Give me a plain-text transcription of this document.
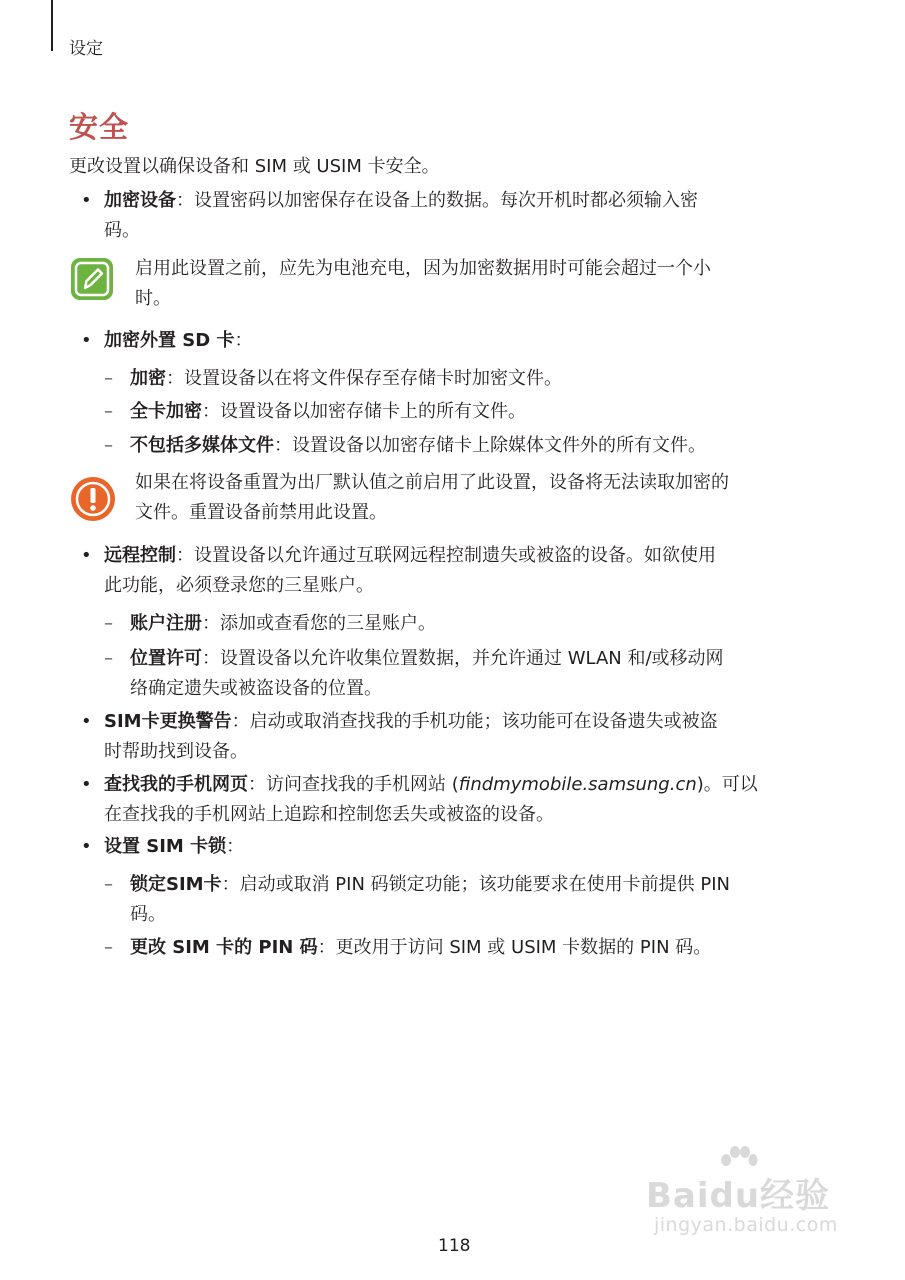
设定
安全
更改设置以确保设备和 SIM 或 USIM 卡安全。
• 加密设备：设置密码以加密保存在设备上的数据。每次开机时都必须输入密
码。
启用此设置之前，应先为电池充电，因为加密数据用时可能会超过一个小
时。
• 加密外置 SD 卡：
– 加密：设置设备以在将文件保存至存储卡时加密文件。
– 全卡加密：设置设备以加密存储卡上的所有文件。
– 不包括多媒体文件：设置设备以加密存储卡上除媒体文件外的所有文件。
如果在将设备重置为出厂默认值之前启用了此设置，设备将无法读取加密的
文件。重置设备前禁用此设置。
• 远程控制：设置设备以允许通过互联网远程控制遗失或被盗的设备。如欲使用
此功能，必须登录您的三星账户。
– 账户注册：添加或查看您的三星账户。
– 位置许可：设置设备以允许收集位置数据，并允许通过 WLAN 和/或移动网
络确定遗失或被盗设备的位置。
• SIM卡更换警告：启动或取消查找我的手机功能；该功能可在设备遗失或被盗
时帮助找到设备。
• 查找我的手机网页：访问查找我的手机网站 (findmymobile.samsung.cn)。可以
在查找我的手机网站上追踪和控制您丢失或被盗的设备。
• 设置 SIM 卡锁：
– 锁定SIM卡：启动或取消 PIN 码锁定功能；该功能要求在使用卡前提供 PIN
码。
– 更改 SIM 卡的 PIN 码：更改用于访问 SIM 或 USIM 卡数据的 PIN 码。
Baidu经验
jingyan.baidu.com
118
